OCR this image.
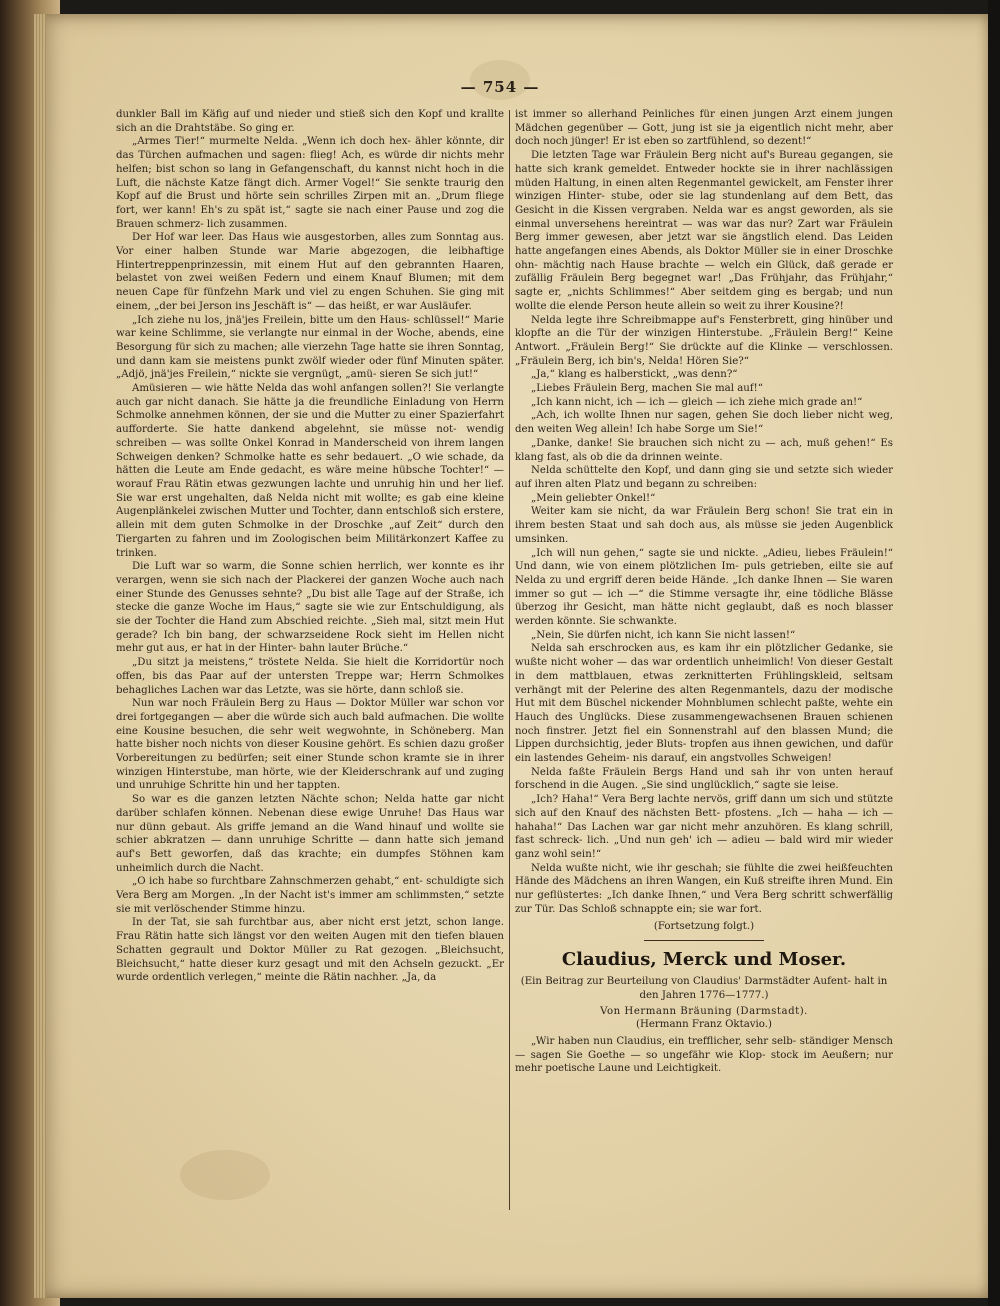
— 754 —

dunkler Ball im Käfig auf und nieder und stieß sich den Kopf und krallte sich an die Drahtstäbe. So ging er.

„Armes Tier!“ murmelte Nelda. „Wenn ich doch hex- ähler könnte, dir das Türchen aufmachen und sagen: flieg! Ach, es würde dir nichts mehr helfen; bist schon so lang in Gefangenschaft, du kannst nicht hoch in die Luft, die nächste Katze fängt dich. Armer Vogel!“ Sie senkte traurig den Kopf auf die Brust und hörte sein schrilles Zirpen mit an. „Drum fliege fort, wer kann! Eh's zu spät ist,“ sagte sie nach einer Pause und zog die Brauen schmerz- lich zusammen.

Der Hof war leer. Das Haus wie ausgestorben, alles zum Sonntag aus. Vor einer halben Stunde war Marie abgezogen, die leibhaftige Hintertreppenprinzessin, mit einem Hut auf den gebrannten Haaren, belastet von zwei weißen Federn und einem Knauf Blumen; mit dem neuen Cape für fünfzehn Mark und viel zu engen Schuhen. Sie ging mit einem, „der bei Jerson ins Jeschäft is“ — das heißt, er war Ausläufer.

„Ich ziehe nu los, jnä'jes Freilein, bitte um den Haus- schlüssel!“ Marie war keine Schlimme, sie verlangte nur einmal in der Woche, abends, eine Besorgung für sich zu machen; alle vierzehn Tage hatte sie ihren Sonntag, und dann kam sie meistens punkt zwölf wieder oder fünf Minuten später. „Adjö, jnä'jes Freilein,“ nickte sie vergnügt, „amü- sieren Se sich jut!“

Amüsieren — wie hätte Nelda das wohl anfangen sollen?! Sie verlangte auch gar nicht danach. Sie hätte ja die freundliche Einladung von Herrn Schmolke annehmen können, der sie und die Mutter zu einer Spazierfahrt aufforderte. Sie hatte dankend abgelehnt, sie müsse not- wendig schreiben — was sollte Onkel Konrad in Manderscheid von ihrem langen Schweigen denken? Schmolke hatte es sehr bedauert. „O wie schade, da hätten die Leute am Ende gedacht, es wäre meine hübsche Tochter!“ — worauf Frau Rätin etwas gezwungen lachte und unruhig hin und her lief. Sie war erst ungehalten, daß Nelda nicht mit wollte; es gab eine kleine Augenplänkelei zwischen Mutter und Tochter, dann entschloß sich erstere, allein mit dem guten Schmolke in der Droschke „auf Zeit“ durch den Tiergarten zu fahren und im Zoologischen beim Militärkonzert Kaffee zu trinken.

Die Luft war so warm, die Sonne schien herrlich, wer konnte es ihr verargen, wenn sie sich nach der Plackerei der ganzen Woche auch nach einer Stunde des Genusses sehnte? „Du bist alle Tage auf der Straße, ich stecke die ganze Woche im Haus,“ sagte sie wie zur Entschuldigung, als sie der Tochter die Hand zum Abschied reichte. „Sieh mal, sitzt mein Hut gerade? Ich bin bang, der schwarzseidene Rock sieht im Hellen nicht mehr gut aus, er hat in der Hinter- bahn lauter Brüche.“

„Du sitzt ja meistens,“ tröstete Nelda. Sie hielt die Korridortür noch offen, bis das Paar auf der untersten Treppe war; Herrn Schmolkes behagliches Lachen war das Letzte, was sie hörte, dann schloß sie.

Nun war noch Fräulein Berg zu Haus — Doktor Müller war schon vor drei fortgegangen — aber die würde sich auch bald aufmachen. Die wollte eine Kousine besuchen, die sehr weit wegwohnte, in Schöneberg. Man hatte bisher noch nichts von dieser Kousine gehört. Es schien dazu großer Vorbereitungen zu bedürfen; seit einer Stunde schon kramte sie in ihrer winzigen Hinterstube, man hörte, wie der Kleiderschrank auf und zuging und unruhige Schritte hin und her tappten.

So war es die ganzen letzten Nächte schon; Nelda hatte gar nicht darüber schlafen können. Nebenan diese ewige Unruhe! Das Haus war nur dünn gebaut. Als griffe jemand an die Wand hinauf und wollte sie schier abkratzen — dann unruhige Schritte — dann hatte sich jemand auf's Bett geworfen, daß das krachte; ein dumpfes Stöhnen kam unheimlich durch die Nacht.

„O ich habe so furchtbare Zahnschmerzen gehabt,“ ent- schuldigte sich Vera Berg am Morgen. „In der Nacht ist's immer am schlimmsten,“ setzte sie mit verlöschender Stimme hinzu.

In der Tat, sie sah furchtbar aus, aber nicht erst jetzt, schon lange. Frau Rätin hatte sich längst vor den weiten Augen mit den tiefen blauen Schatten gegrault und Doktor Müller zu Rat gezogen. „Bleichsucht, Bleichsucht,“ hatte dieser kurz gesagt und mit den Achseln gezuckt. „Er wurde ordentlich verlegen,“ meinte die Rätin nachher. „Ja, da

ist immer so allerhand Peinliches für einen jungen Arzt einem jungen Mädchen gegenüber — Gott, jung ist sie ja eigentlich nicht mehr, aber doch noch jünger! Er ist eben so zartfühlend, so dezent!“

Die letzten Tage war Fräulein Berg nicht auf's Bureau gegangen, sie hatte sich krank gemeldet. Entweder hockte sie in ihrer nachlässigen müden Haltung, in einen alten Regenmantel gewickelt, am Fenster ihrer winzigen Hinter- stube, oder sie lag stundenlang auf dem Bett, das Gesicht in die Kissen vergraben. Nelda war es angst geworden, als sie einmal unversehens hereintrat — was war das nur? Zart war Fräulein Berg immer gewesen, aber jetzt war sie ängstlich elend. Das Leiden hatte angefangen eines Abends, als Doktor Müller sie in einer Droschke ohn- mächtig nach Hause brachte — welch ein Glück, daß gerade er zufällig Fräulein Berg begegnet war! „Das Frühjahr, das Frühjahr,“ sagte er, „nichts Schlimmes!“ Aber seitdem ging es bergab; und nun wollte die elende Person heute allein so weit zu ihrer Kousine?!

Nelda legte ihre Schreibmappe auf's Fensterbrett, ging hinüber und klopfte an die Tür der winzigen Hinterstube. „Fräulein Berg!“ Keine Antwort. „Fräulein Berg!“ Sie drückte auf die Klinke — verschlossen. „Fräulein Berg, ich bin's, Nelda! Hören Sie?“

„Ja,“ klang es halberstickt, „was denn?“

„Liebes Fräulein Berg, machen Sie mal auf!“

„Ich kann nicht, ich — ich — gleich — ich ziehe mich grade an!“

„Ach, ich wollte Ihnen nur sagen, gehen Sie doch lieber nicht weg, den weiten Weg allein! Ich habe Sorge um Sie!“

„Danke, danke! Sie brauchen sich nicht zu — ach, muß gehen!“ Es klang fast, als ob die da drinnen weinte.

Nelda schüttelte den Kopf, und dann ging sie und setzte sich wieder auf ihren alten Platz und begann zu schreiben:

„Mein geliebter Onkel!“

Weiter kam sie nicht, da war Fräulein Berg schon! Sie trat ein in ihrem besten Staat und sah doch aus, als müsse sie jeden Augenblick umsinken.

„Ich will nun gehen,“ sagte sie und nickte. „Adieu, liebes Fräulein!“ Und dann, wie von einem plötzlichen Im- puls getrieben, eilte sie auf Nelda zu und ergriff deren beide Hände. „Ich danke Ihnen — Sie waren immer so gut — ich —“ die Stimme versagte ihr, eine tödliche Blässe überzog ihr Gesicht, man hätte nicht geglaubt, daß es noch blasser werden könnte. Sie schwankte.

„Nein, Sie dürfen nicht, ich kann Sie nicht lassen!“

Nelda sah erschrocken aus, es kam ihr ein plötzlicher Gedanke, sie wußte nicht woher — das war ordentlich unheimlich! Von dieser Gestalt in dem mattblauen, etwas zerknitterten Frühlingskleid, seltsam verhängt mit der Pelerine des alten Regenmantels, dazu der modische Hut mit dem Büschel nickender Mohnblumen schlecht paßte, wehte ein Hauch des Unglücks. Diese zusammengewachsenen Brauen schienen noch finstrer. Jetzt fiel ein Sonnenstrahl auf den blassen Mund; die Lippen durchsichtig, jeder Bluts- tropfen aus ihnen gewichen, und dafür ein lastendes Geheim- nis darauf, ein angstvolles Schweigen!

Nelda faßte Fräulein Bergs Hand und sah ihr von unten herauf forschend in die Augen. „Sie sind unglücklich,“ sagte sie leise.

„Ich? Haha!“ Vera Berg lachte nervös, griff dann um sich und stützte sich auf den Knauf des nächsten Bett- pfostens. „Ich — haha — ich — hahaha!“ Das Lachen war gar nicht mehr anzuhören. Es klang schrill, fast schreck- lich. „Und nun geh' ich — adieu — bald wird mir wieder ganz wohl sein!“

Nelda wußte nicht, wie ihr geschah; sie fühlte die zwei heißfeuchten Hände des Mädchens an ihren Wangen, ein Kuß streifte ihren Mund. Ein nur geflüstertes: „Ich danke Ihnen,“ und Vera Berg schritt schwerfällig zur Tür. Das Schloß schnappte ein; sie war fort.

(Fortsetzung folgt.)
Claudius, Merck und Moser.
(Ein Beitrag zur Beurteilung von Claudius' Darmstädter Aufent- halt in den Jahren 1776—1777.)
Von Hermann Bräuning (Darmstadt).
(Hermann Franz Oktavio.)

„Wir haben nun Claudius, ein trefflicher, sehr selb- ständiger Mensch — sagen Sie Goethe — so ungefähr wie Klop- stock im Aeußern; nur mehr poetische Laune und Leichtigkeit.
